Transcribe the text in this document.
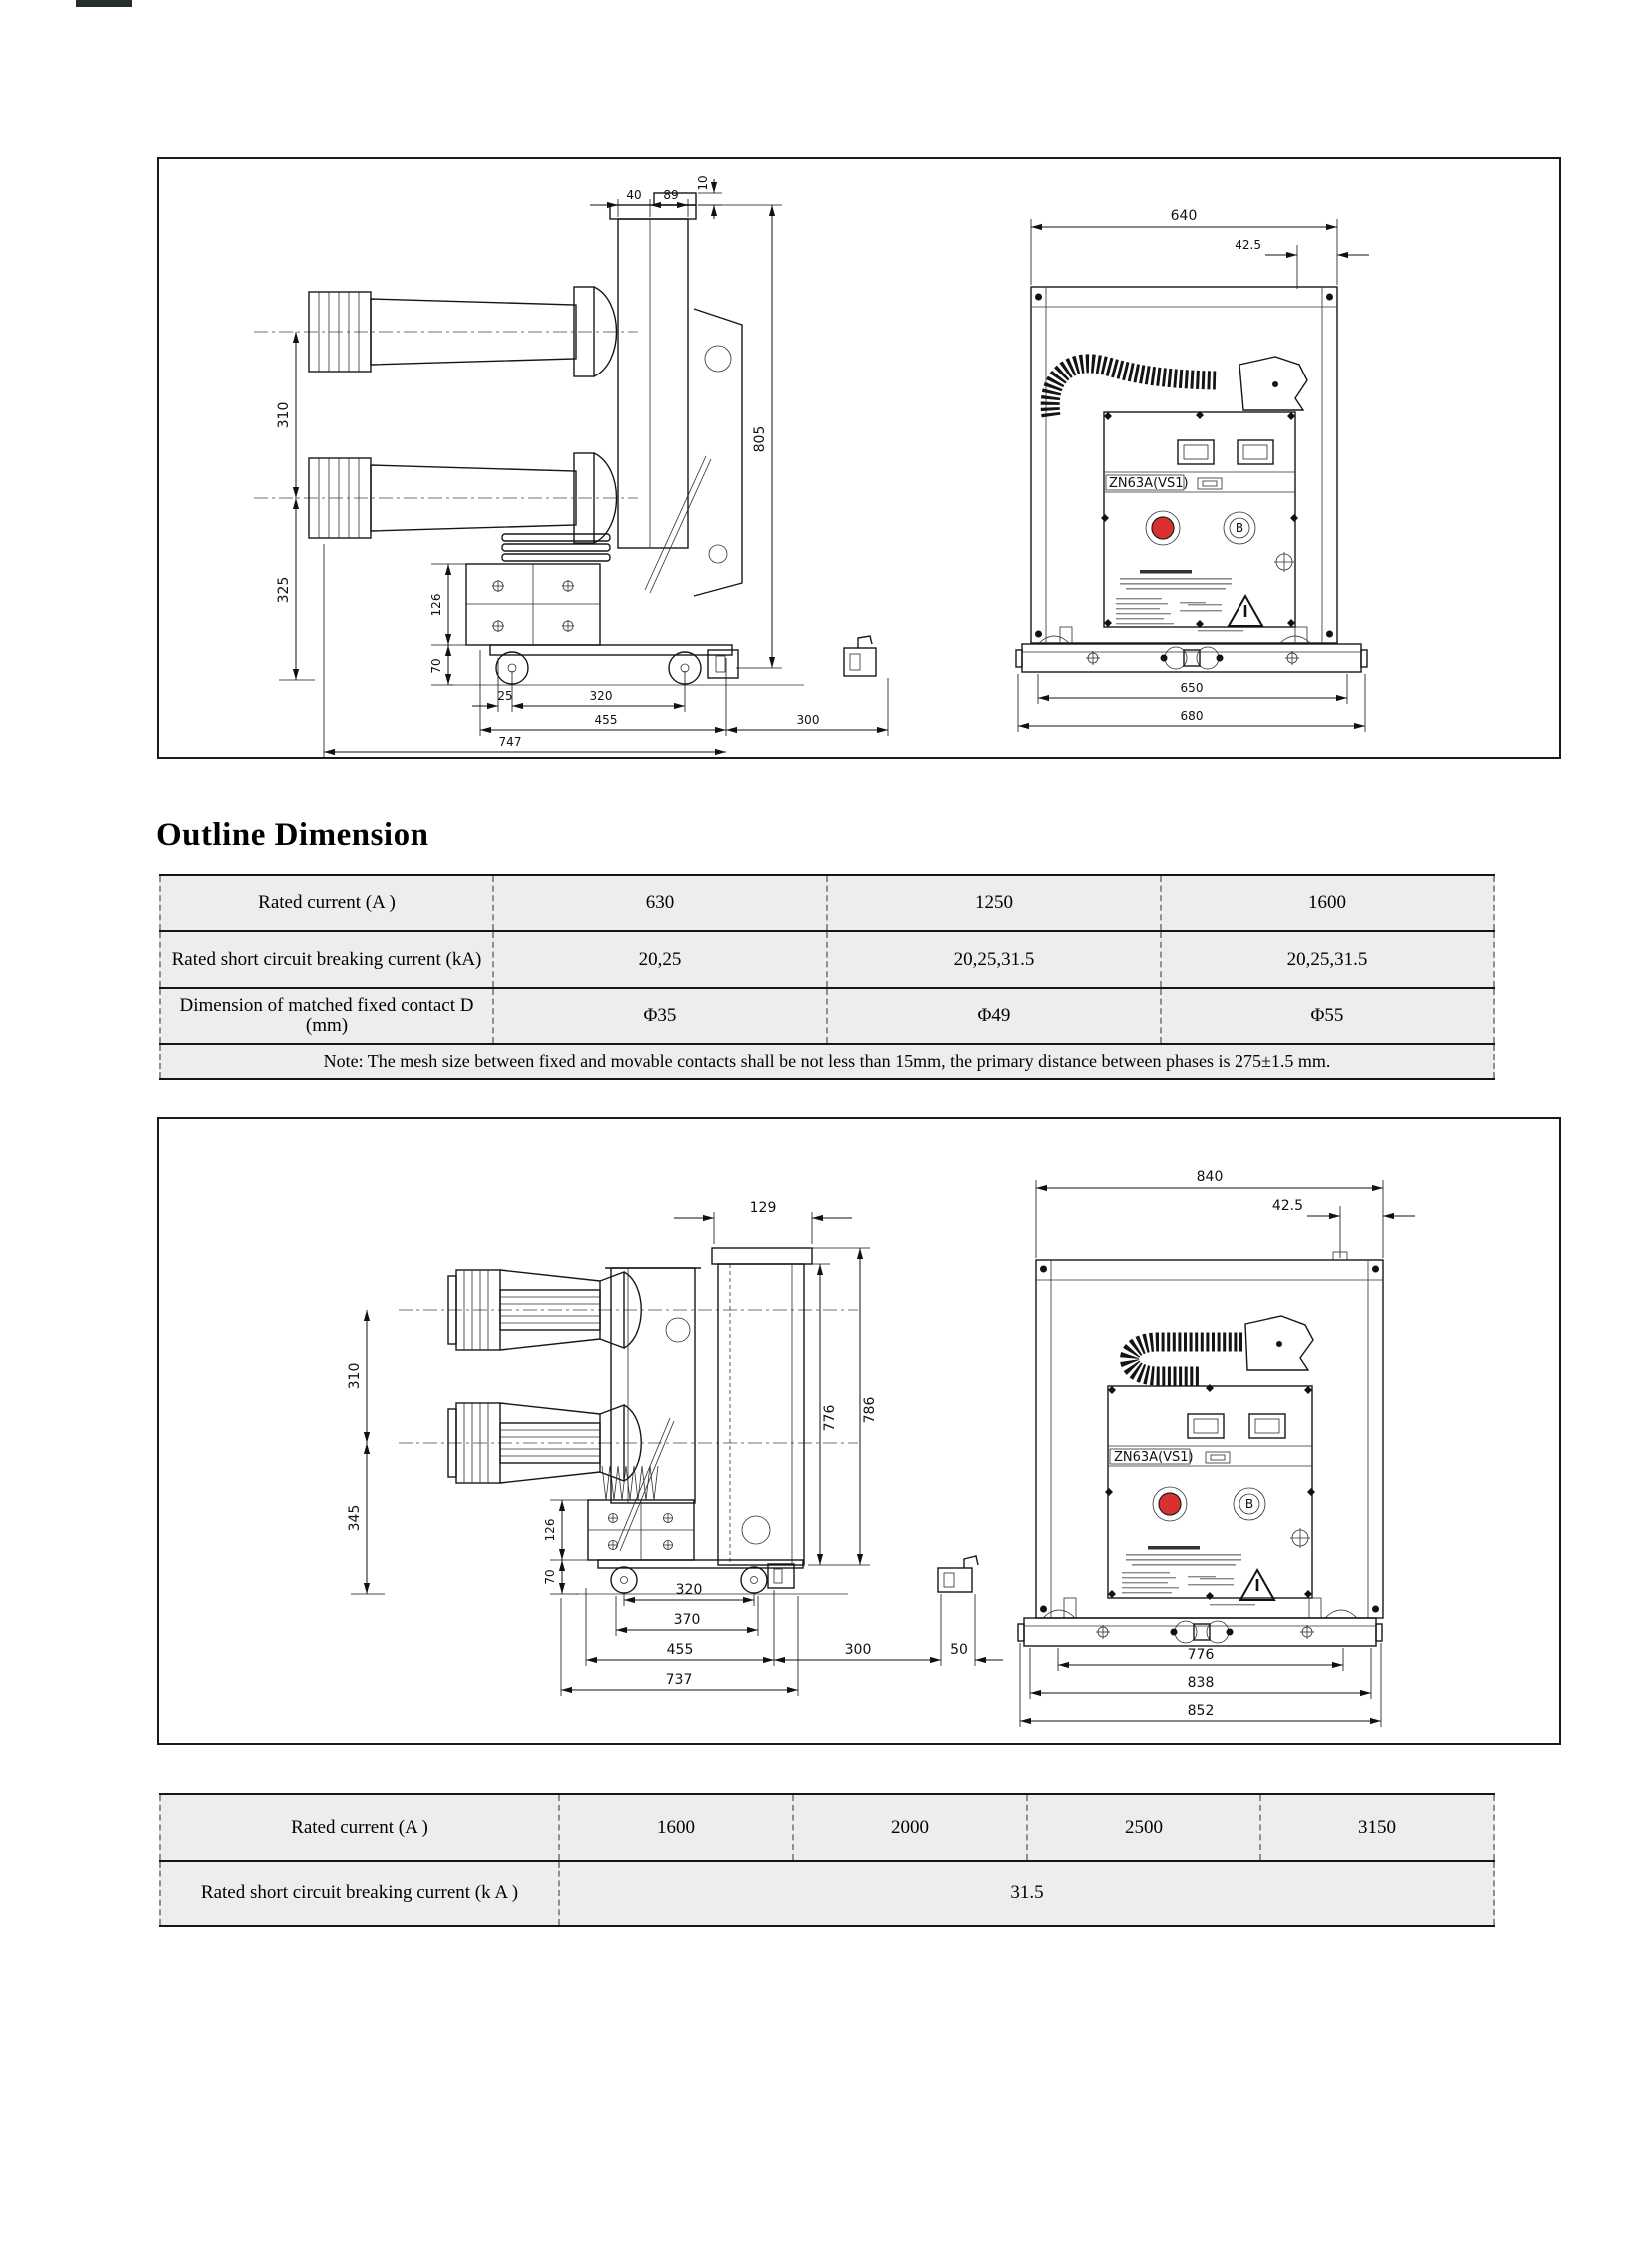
40 89
10
310
325
126
70
805
25	320
455	300
747
640
42.5
ZN63A(VS1)
B
650
680
Outline Dimension
Rated current (A )	630	1250	1600
Rated short circuit breaking current (kA)	20,25	20,25,31.5	20,25,31.5

Dimension of matched fixed contact D
(mm)	Φ35	Φ49	Φ55
Note: The mesh size between fixed and movable contacts shall be not less than 15mm, the primary distance between phases is 275±1.5 mm.			
129
310
345	126
70
776 786
320
370
455	300	50
737
840
42.5
ZN63A(VS1)
B
776
838
852
Rated current (A )	1600	2000	2500	3150
Rated short circuit breaking current (k A )	31.5			
